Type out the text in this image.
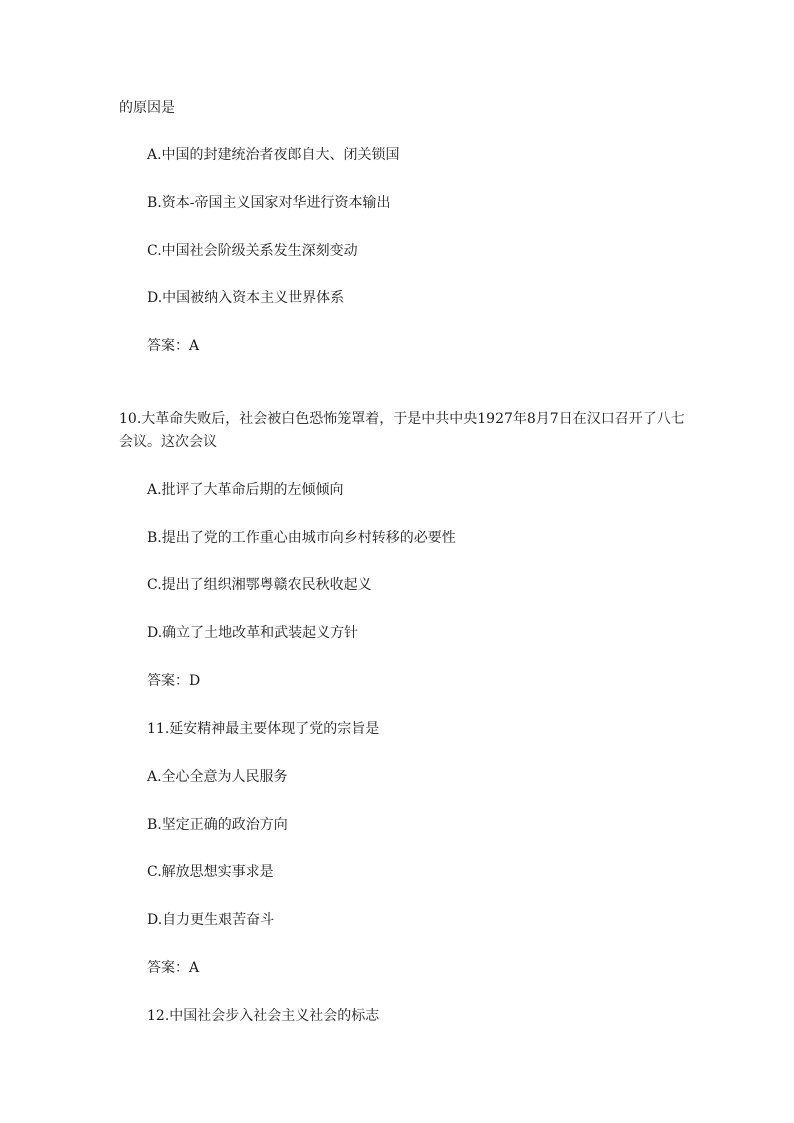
的原因是
A.中国的封建统治者夜郎自大、闭关锁国
B.资本-帝国主义国家对华进行资本输出
C.中国社会阶级关系发生深刻变动
D.中国被纳入资本主义世界体系
答案：A
10.大革命失败后，社会被白色恐怖笼罩着，于是中共中央1927年8月7日在汉口召开了八七
会议。这次会议
A.批评了大革命后期的左倾倾向
B.提出了党的工作重心由城市向乡村转移的必要性
C.提出了组织湘鄂粤赣农民秋收起义
D.确立了土地改革和武装起义方针
答案：D
11.延安精神最主要体现了党的宗旨是
A.全心全意为人民服务
B.坚定正确的政治方向
C.解放思想实事求是
D.自力更生艰苦奋斗
答案：A
12.中国社会步入社会主义社会的标志
